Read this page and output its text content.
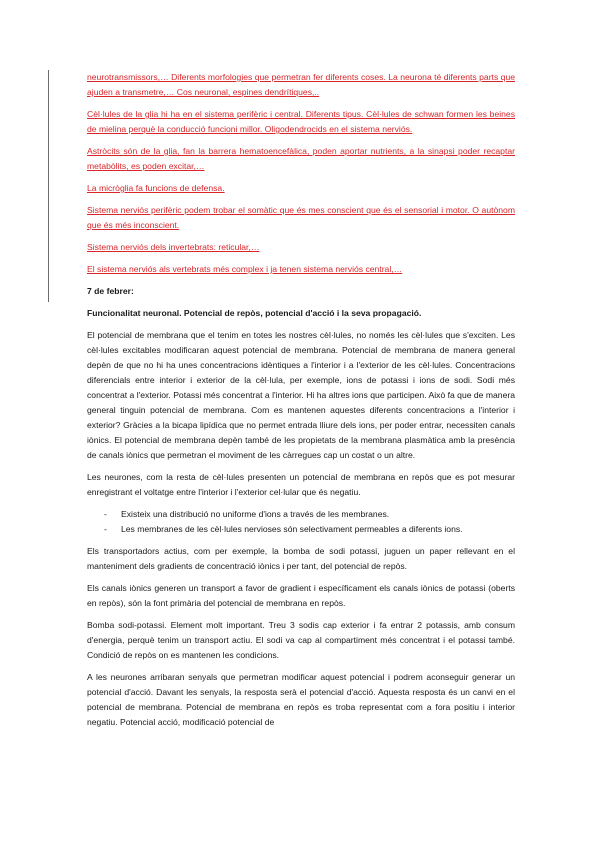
neurotransmissors,… Diferents morfologies que permetran fer diferents coses. La neurona té diferents parts que ajuden a transmetre,… Cos neuronal, espines dendrítiques,..

Cèl·lules de la glia hi ha en el sistema perifèric i central. Diferents tipus. Cèl·lules de schwan formen les beines de mielina perquè la conducció funcioni millor. Oligodendrocids en el sistema nerviós.

Astròcits són de la glia, fan la barrera hematoencefàlica, poden aportar nutrients, a la sinapsi poder recaptar metabòlits, es poden excitar,…

La micròglia fa funcions de defensa.

Sistema nerviós perifèric podem trobar el somàtic que és mes conscient que és el sensorial i motor. O autònom que és més inconscient.

Sistema nerviós dels invertebrats: reticular,…

El sistema nerviós als vertebrats més complex i ja tenen sistema nerviós central,…

7 de febrer:

Funcionalitat neuronal. Potencial de repòs, potencial d'acció i la seva propagació.

El potencial de membrana que el tenim en totes les nostres cèl·lules, no només les cèl·lules que s'exciten. Les cèl·lules excitables modificaran aquest potencial de membrana. Potencial de membrana de manera general depèn de que no hi ha unes concentracions idèntiques a l'interior i a l'exterior de les cèl·lules. Concentracions diferencials entre interior i exterior de la cèl·lula, per exemple, ions de potassi i ions de sodi. Sodi més concentrat a l'exterior. Potassi més concentrat a l'interior. Hi ha altres ions que participen. Això fa que de manera general tinguin potencial de membrana. Com es mantenen aquestes diferents concentracions a l'interior i exterior? Gràcies a la bicapa lipídica que no permet entrada lliure dels ions, per poder entrar, necessiten canals iònics. El potencial de membrana depèn també de les propietats de la membrana plasmàtica amb la presència de canals iònics que permetran el moviment de les càrregues cap un costat o un altre.

Les neurones, com la resta de cèl·lules presenten un potencial de membrana en repòs que es pot mesurar enregistrant el voltatge entre l'interior i l'exterior cel·lular que és negatiu.

- Existeix una distribució no uniforme d'ions a través de les membranes.
- Les membranes de les cèl·lules nervioses són selectivament permeables a diferents ions.

Els transportadors actius, com per exemple, la bomba de sodi potassi, juguen un paper rellevant en el manteniment dels gradients de concentració iònics i per tant, del potencial de repòs.

Els canals iònics generen un transport a favor de gradient i específicament els canals iònics de potassi (oberts en repòs), són la font primària del potencial de membrana en repòs.

Bomba sodi-potassi. Element molt important. Treu 3 sodis cap exterior i fa entrar 2 potassis, amb consum d'energia, perquè tenim un transport actiu. El sodi va cap al compartiment més concentrat i el potassi també. Condició de repòs on es mantenen les condicions.

A les neurones arribaran senyals que permetran modificar aquest potencial i podrem aconseguir generar un potencial d'acció. Davant les senyals, la resposta serà el potencial d'acció. Aquesta resposta és un canvi en el potencial de membrana. Potencial de membrana en repòs es troba representat com a fora positiu i interior negatiu. Potencial acció, modificació potencial de
